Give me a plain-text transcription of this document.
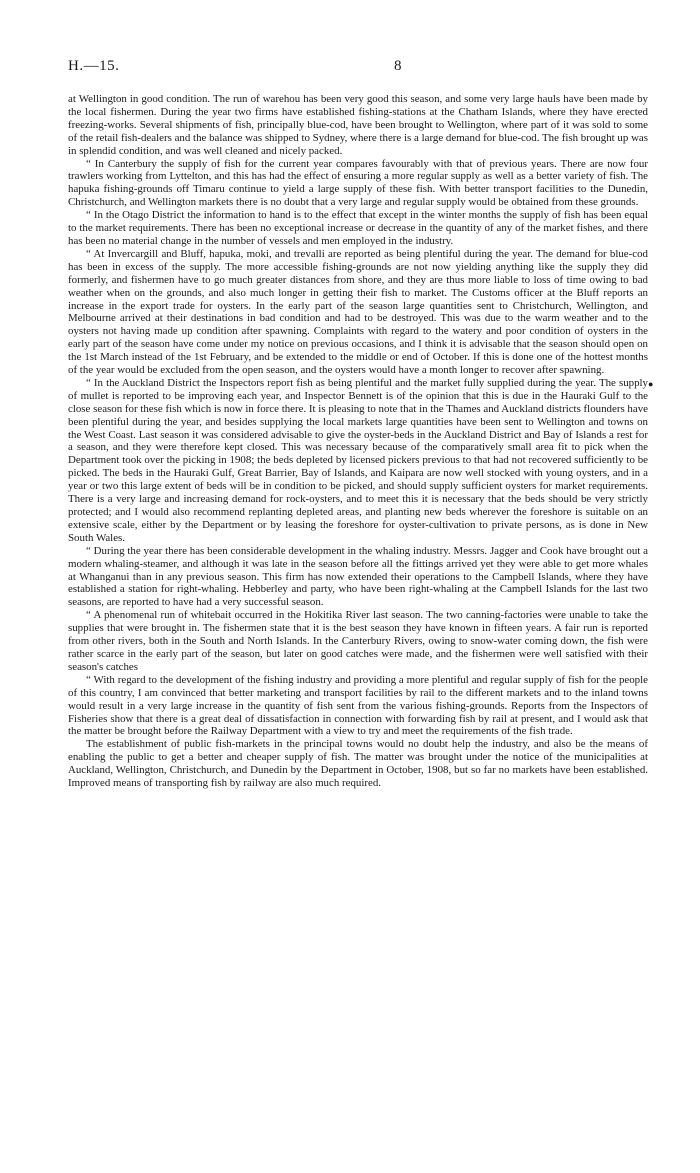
H.—15.	8

at Wellington in good condition. The run of warehou has been very good this season, and some very large hauls have been made by the local fishermen. During the year two firms have established fishing-stations at the Chatham Islands, where they have erected freezing-works. Several shipments of fish, principally blue-cod, have been brought to Wellington, where part of it was sold to some of the retail fish-dealers and the balance was shipped to Sydney, where there is a large demand for blue-cod. The fish brought up was in splendid condition, and was well cleaned and nicely packed.

“ In Canterbury the supply of fish for the current year compares favourably with that of previous years. There are now four trawlers working from Lyttelton, and this has had the effect of ensuring a more regular supply as well as a better variety of fish. The hapuka fishing-grounds off Timaru continue to yield a large supply of these fish. With better transport facilities to the Dunedin, Christchurch, and Wellington markets there is no doubt that a very large and regular supply would be obtained from these grounds.

“ In the Otago District the information to hand is to the effect that except in the winter months the supply of fish has been equal to the market requirements. There has been no exceptional increase or decrease in the quantity of any of the market fishes, and there has been no material change in the number of vessels and men employed in the industry.

“ At Invercargill and Bluff, hapuka, moki, and trevalli are reported as being plentiful during the year. The demand for blue-cod has been in excess of the supply. The more accessible fishing-grounds are not now yielding anything like the supply they did formerly, and fishermen have to go much greater distances from shore, and they are thus more liable to loss of time owing to bad weather when on the grounds, and also much longer in getting their fish to market. The Customs officer at the Bluff reports an increase in the export trade for oysters. In the early part of the season large quantities sent to Christchurch, Wellington, and Melbourne arrived at their destinations in bad condition and had to be destroyed. This was due to the warm weather and to the oysters not having made up condition after spawning. Complaints with regard to the watery and poor condition of oysters in the early part of the season have come under my notice on previous occasions, and I think it is advisable that the season should open on the 1st March instead of the 1st February, and be extended to the middle or end of October. If this is done one of the hottest months of the year would be excluded from the open season, and the oysters would have a month longer to recover after spawning.

“ In the Auckland District the Inspectors report fish as being plentiful and the market fully supplied during the year. The supply of mullet is reported to be improving each year, and Inspector Bennett is of the opinion that this is due in the Hauraki Gulf to the close season for these fish which is now in force there. It is pleasing to note that in the Thames and Auckland districts flounders have been plentiful during the year, and besides supplying the local markets large quantities have been sent to Wellington and towns on the West Coast. Last season it was considered advisable to give the oyster-beds in the Auckland District and Bay of Islands a rest for a season, and they were therefore kept closed. This was necessary because of the comparatively small area fit to pick when the Department took over the picking in 1908; the beds depleted by licensed pickers previous to that had not recovered sufficiently to be picked. The beds in the Hauraki Gulf, Great Barrier, Bay of Islands, and Kaipara are now well stocked with young oysters, and in a year or two this large extent of beds will be in condition to be picked, and should supply sufficient oysters for market requirements. There is a very large and increasing demand for rock-oysters, and to meet this it is necessary that the beds should be very strictly protected; and I would also recommend replanting depleted areas, and planting new beds wherever the foreshore is suitable on an extensive scale, either by the Department or by leasing the foreshore for oyster-cultivation to private persons, as is done in New South Wales.

“ During the year there has been considerable development in the whaling industry. Messrs. Jagger and Cook have brought out a modern whaling-steamer, and although it was late in the season before all the fittings arrived yet they were able to get more whales at Whanganui than in any previous season. This firm has now extended their operations to the Campbell Islands, where they have established a station for right-whaling. Hebberley and party, who have been right-whaling at the Campbell Islands for the last two seasons, are reported to have had a very successful season.

“ A phenomenal run of whitebait occurred in the Hokitika River last season. The two canning-factories were unable to take the supplies that were brought in. The fishermen state that it is the best season they have known in fifteen years. A fair run is reported from other rivers, both in the South and North Islands. In the Canterbury Rivers, owing to snow-water coming down, the fish were rather scarce in the early part of the season, but later on good catches were made, and the fishermen were well satisfied with their season's catches

“ With regard to the development of the fishing industry and providing a more plentiful and regular supply of fish for the people of this country, I am convinced that better marketing and transport facilities by rail to the different markets and to the inland towns would result in a very large increase in the quantity of fish sent from the various fishing-grounds. Reports from the Inspectors of Fisheries show that there is a great deal of dissatisfaction in connection with forwarding fish by rail at present, and I would ask that the matter be brought before the Railway Department with a view to try and meet the requirements of the fish trade.

The establishment of public fish-markets in the principal towns would no doubt help the industry, and also be the means of enabling the public to get a better and cheaper supply of fish. The matter was brought under the notice of the municipalities at Auckland, Wellington, Christchurch, and Dunedin by the Department in October, 1908, but so far no markets have been established. Improved means of transporting fish by railway are also much required.

●
